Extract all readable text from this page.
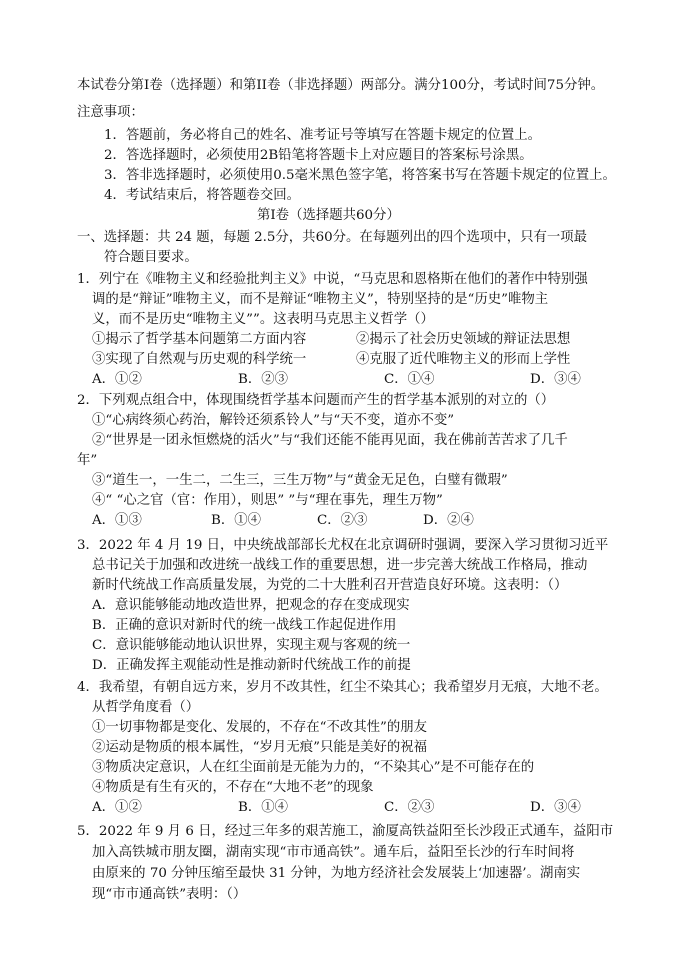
本试卷分第Ⅰ卷（选择题）和第II卷（非选择题）两部分。满分100分，考试时间75分钟。
注意事项：
1．答题前，务必将自己的姓名、准考证号等填写在答题卡规定的位置上。
2．答选择题时，必须使用2B铅笔将答题卡上对应题目的答案标号涂黑。
3．答非选择题时，必须使用0.5毫米黑色签字笔，将答案书写在答题卡规定的位置上。
4．考试结束后，将答题卷交回。
第Ⅰ卷（选择题共60分）
一、选择题：共 24 题，每题 2.5分，共60分。在每题列出的四个选项中，只有一项最
符合题目要求。
1．列宁在《唯物主义和经验批判主义》中说，“马克思和恩格斯在他们的著作中特别强
调的是“辩证”唯物主义，而不是辩证“唯物主义”，特别坚持的是“历史”唯物主
义，而不是历史“唯物主义””。这表明马克思主义哲学（）
①揭示了哲学基本问题第二方面内容	②揭示了社会历史领域的辩证法思想
③实现了自然观与历史观的科学统一	④克服了近代唯物主义的形而上学性
A．①②	B．②③	C．①④	D．③④
2．下列观点组合中，体现围绕哲学基本问题而产生的哲学基本派别的对立的（）
①“心病终须心药治，解铃还须系铃人”与“天不变，道亦不变”
②“世界是一团永恒燃烧的活火”与“我们还能不能再见面，我在佛前苦苦求了几千
年”
③“道生一，一生二，二生三，三生万物”与“黄金无足色，白璧有微瑕”
④“ “心之官（官：作用），则思” ”与“理在事先，理生万物”
A．①③	B．①④	C．②③	D．②④
3．2022 年 4 月 19 日，中央统战部部长尤权在北京调研时强调，要深入学习贯彻习近平
总书记关于加强和改进统一战线工作的重要思想，进一步完善大统战工作格局，推动
新时代统战工作高质量发展，为党的二十大胜利召开营造良好环境。这表明：（）
A．意识能够能动地改造世界，把观念的存在变成现实
B．正确的意识对新时代的统一战线工作起促进作用
C．意识能够能动地认识世界，实现主观与客观的统一
D．正确发挥主观能动性是推动新时代统战工作的前提
4．我希望，有朝自远方来，岁月不改其性，红尘不染其心；我希望岁月无痕，大地不老。
从哲学角度看（）
①一切事物都是变化、发展的，不存在“不改其性”的朋友
②运动是物质的根本属性，“岁月无痕”只能是美好的祝福
③物质决定意识，人在红尘面前是无能为力的，“不染其心”是不可能存在的
④物质是有生有灭的，不存在“大地不老”的现象
A．①②	B．①④	C．②③	D．③④
5．2022 年 9 月 6 日，经过三年多的艰苦施工，渝厦高铁益阳至长沙段正式通车，益阳市
加入高铁城市朋友圈，湖南实现“市市通高铁”。通车后，益阳至长沙的行车时间将
由原来的 70 分钟压缩至最快 31 分钟，为地方经济社会发展装上‘加速器’。湖南实
现“市市通高铁”表明：（）
